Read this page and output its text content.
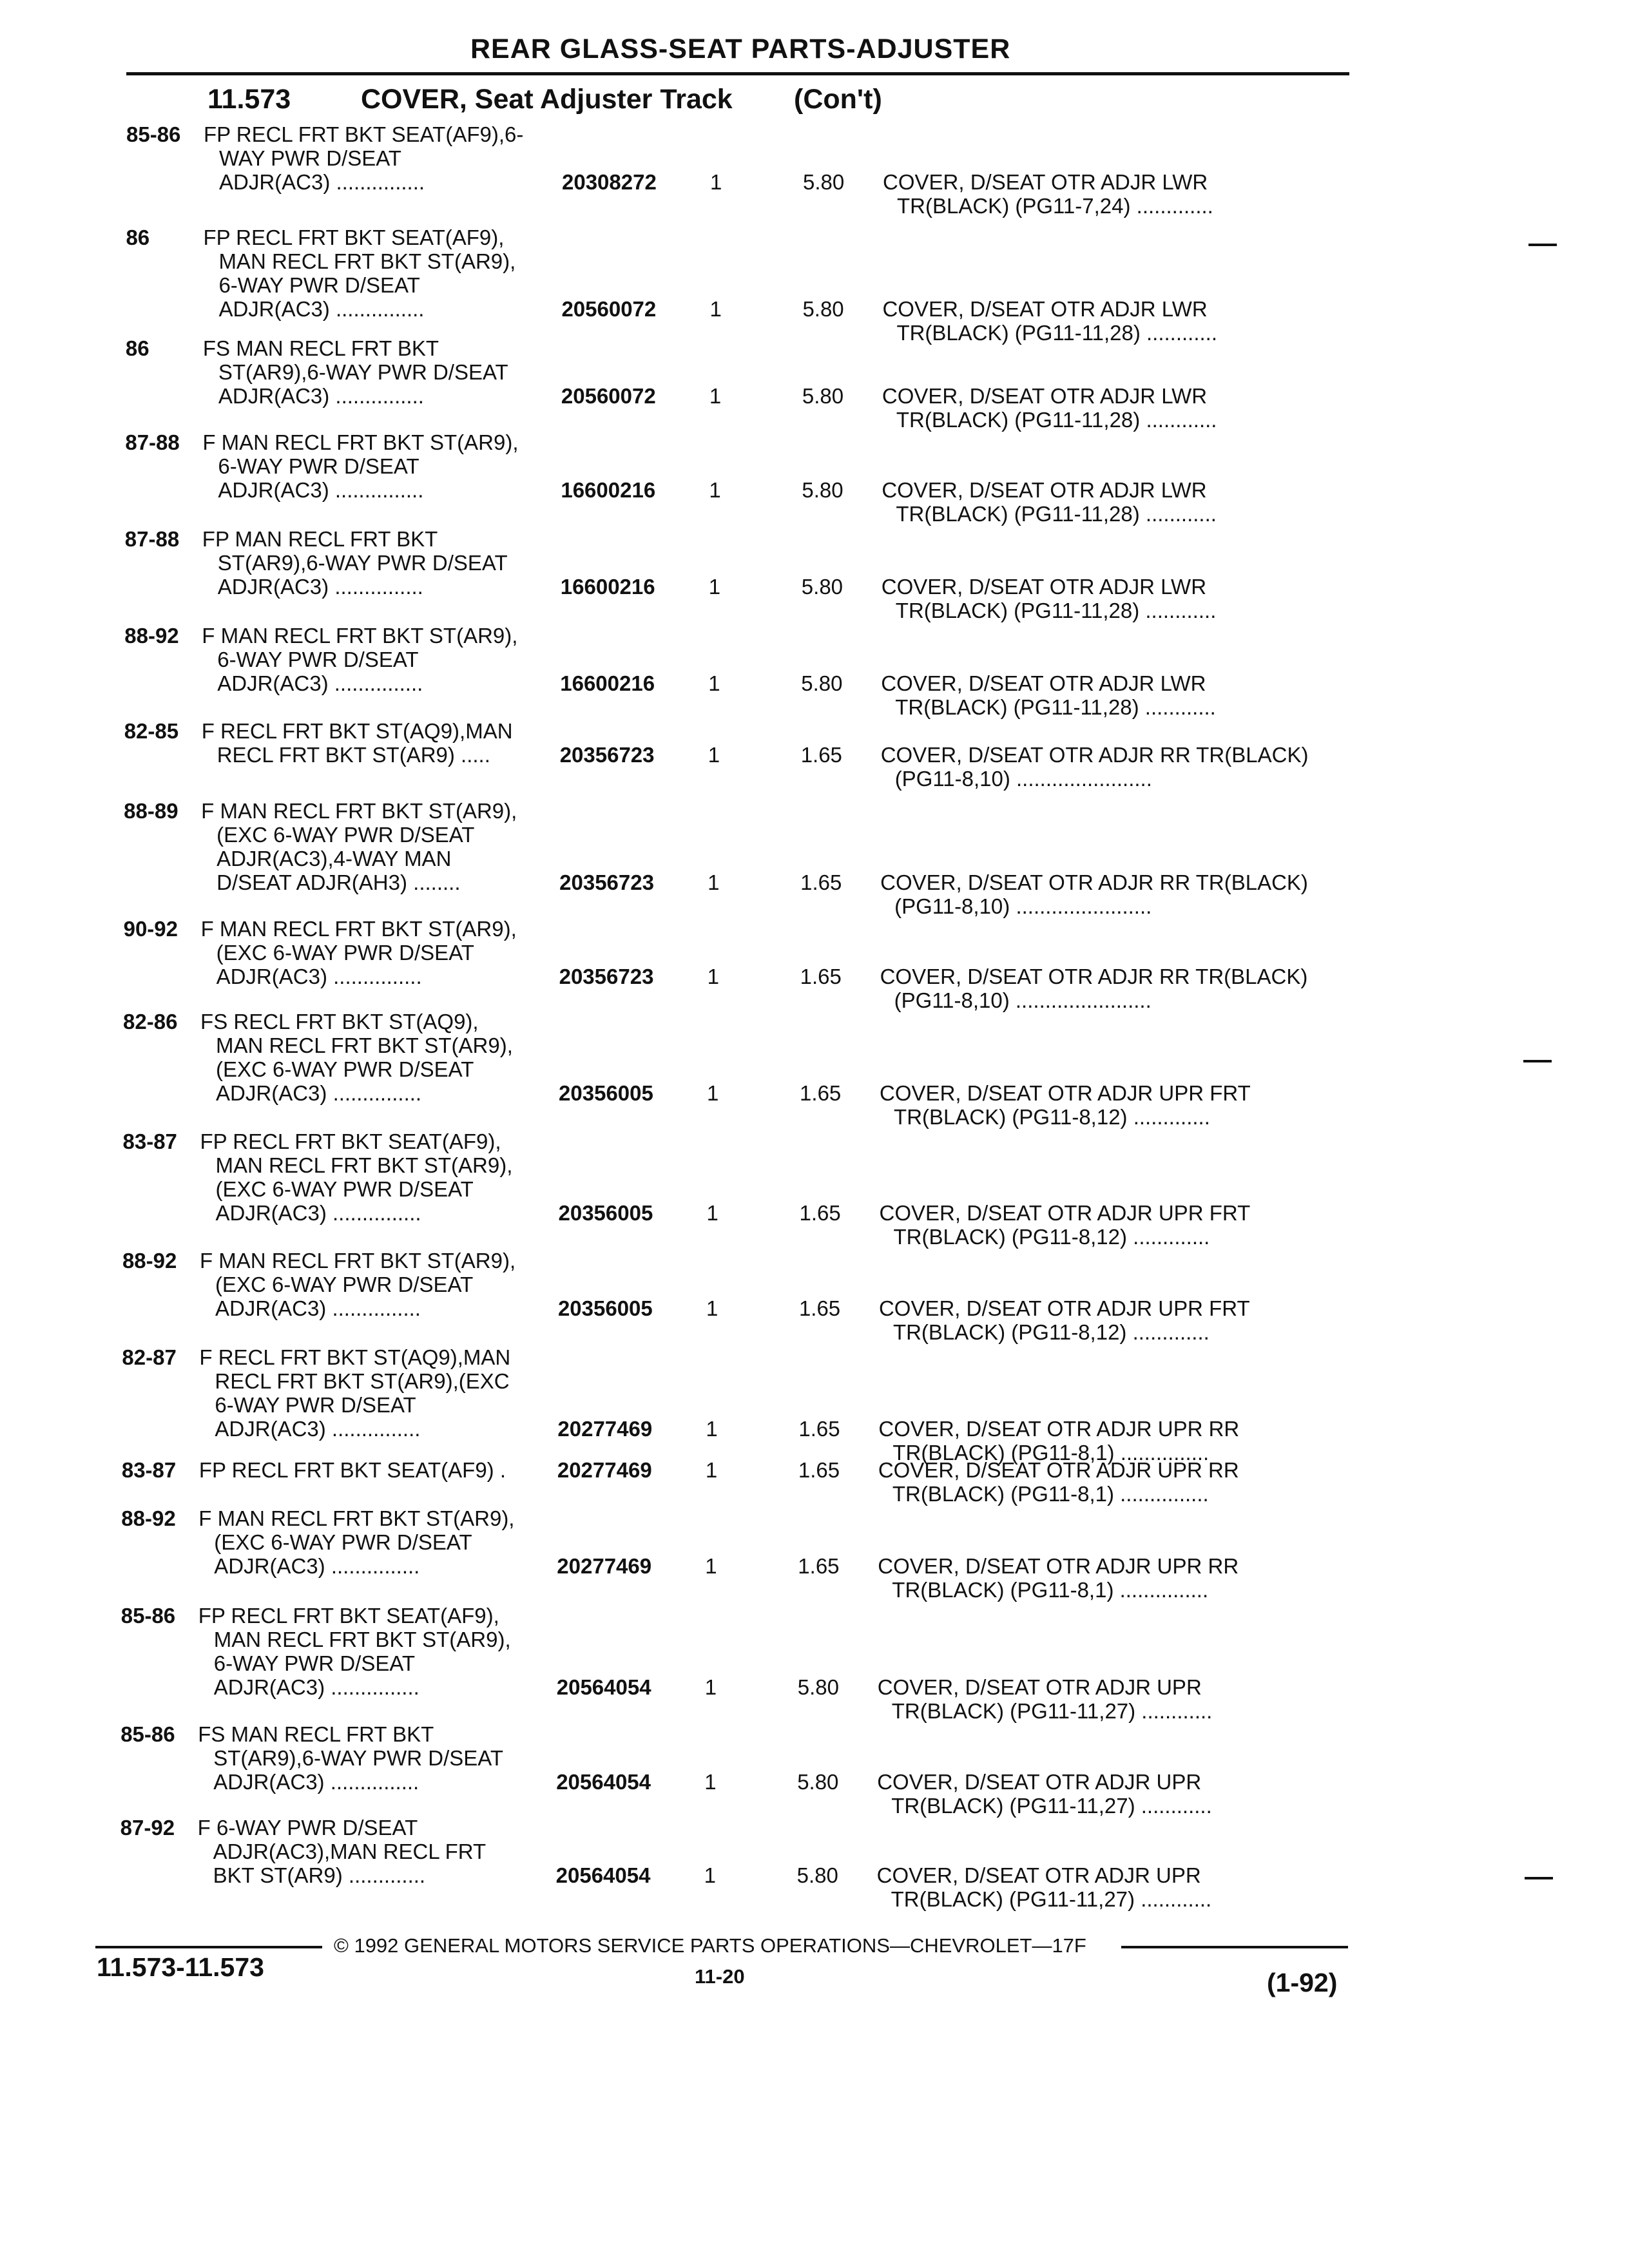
REAR GLASS-SEAT PARTS-ADJUSTER
11.573	COVER, Seat Adjuster Track (Con't)
85-86 FP RECL FRT BKT SEAT(AF9),6-
WAY PWR D/SEAT
ADJR(AC3) ...............	20308272	1	5.80 COVER, D/SEAT OTR ADJR LWR
TR(BLACK) (PG11-7,24) .............
86	FP RECL FRT BKT SEAT(AF9),
MAN RECL FRT BKT ST(AR9),
6-WAY PWR D/SEAT
ADJR(AC3) ...............	20560072	1	5.80 COVER, D/SEAT OTR ADJR LWR
TR(BLACK) (PG11-11,28) ............
86	FS MAN RECL FRT BKT
ST(AR9),6-WAY PWR D/SEAT
ADJR(AC3) ...............	20560072	1	5.80 COVER, D/SEAT OTR ADJR LWR
TR(BLACK) (PG11-11,28) ............
87-88 F MAN RECL FRT BKT ST(AR9),
6-WAY PWR D/SEAT
ADJR(AC3) ...............	16600216	1	5.80 COVER, D/SEAT OTR ADJR LWR
TR(BLACK) (PG11-11,28) ............
87-88 FP MAN RECL FRT BKT
ST(AR9),6-WAY PWR D/SEAT
ADJR(AC3) ...............	16600216	1	5.80 COVER, D/SEAT OTR ADJR LWR
TR(BLACK) (PG11-11,28) ............
88-92 F MAN RECL FRT BKT ST(AR9),
6-WAY PWR D/SEAT
ADJR(AC3) ...............	16600216	1	5.80 COVER, D/SEAT OTR ADJR LWR
TR(BLACK) (PG11-11,28) ............
82-85 F RECL FRT BKT ST(AQ9),MAN
RECL FRT BKT ST(AR9) .....	20356723	1	1.65 COVER, D/SEAT OTR ADJR RR TR(BLACK)
(PG11-8,10) .......................
88-89 F MAN RECL FRT BKT ST(AR9),
(EXC 6-WAY PWR D/SEAT
ADJR(AC3),4-WAY MAN
D/SEAT ADJR(AH3) ........	20356723	1	1.65 COVER, D/SEAT OTR ADJR RR TR(BLACK)
(PG11-8,10) .......................
90-92 F MAN RECL FRT BKT ST(AR9),
(EXC 6-WAY PWR D/SEAT
ADJR(AC3) ...............	20356723	1	1.65 COVER, D/SEAT OTR ADJR RR TR(BLACK)
(PG11-8,10) .......................
82-86 FS RECL FRT BKT ST(AQ9),
MAN RECL FRT BKT ST(AR9),
(EXC 6-WAY PWR D/SEAT
ADJR(AC3) ...............	20356005	1	1.65 COVER, D/SEAT OTR ADJR UPR FRT
TR(BLACK) (PG11-8,12) .............
83-87 FP RECL FRT BKT SEAT(AF9),
MAN RECL FRT BKT ST(AR9),
(EXC 6-WAY PWR D/SEAT
ADJR(AC3) ...............	20356005	1	1.65 COVER, D/SEAT OTR ADJR UPR FRT
TR(BLACK) (PG11-8,12) .............
88-92 F MAN RECL FRT BKT ST(AR9),
(EXC 6-WAY PWR D/SEAT
ADJR(AC3) ...............	20356005	1	1.65 COVER, D/SEAT OTR ADJR UPR FRT
TR(BLACK) (PG11-8,12) .............
82-87 F RECL FRT BKT ST(AQ9),MAN
RECL FRT BKT ST(AR9),(EXC
6-WAY PWR D/SEAT
ADJR(AC3) ...............	20277469	1	1.65 COVER, D/SEAT OTR ADJR UPR RR
TR(BLACK) (PG11-8,1) ...............
83-87 FP RECL FRT BKT SEAT(AF9) . 20277469	1	1.65 COVER, D/SEAT OTR ADJR UPR RR
TR(BLACK) (PG11-8,1) ...............
88-92 F MAN RECL FRT BKT ST(AR9),
(EXC 6-WAY PWR D/SEAT
ADJR(AC3) ...............	20277469	1	1.65 COVER, D/SEAT OTR ADJR UPR RR
TR(BLACK) (PG11-8,1) ...............
85-86 FP RECL FRT BKT SEAT(AF9),
MAN RECL FRT BKT ST(AR9),
6-WAY PWR D/SEAT
ADJR(AC3) ...............	20564054	1	5.80 COVER, D/SEAT OTR ADJR UPR
TR(BLACK) (PG11-11,27) ............
85-86 FS MAN RECL FRT BKT
ST(AR9),6-WAY PWR D/SEAT
ADJR(AC3) ...............	20564054	1	5.80 COVER, D/SEAT OTR ADJR UPR
TR(BLACK) (PG11-11,27) ............
87-92 F 6-WAY PWR D/SEAT
ADJR(AC3),MAN RECL FRT
BKT ST(AR9) .............	20564054	1	5.80 COVER, D/SEAT OTR ADJR UPR
TR(BLACK) (PG11-11,27) ............
© 1992 GENERAL MOTORS SERVICE PARTS OPERATIONS—CHEVROLET—17F
11.573-11.573	11-20	(1-92)
